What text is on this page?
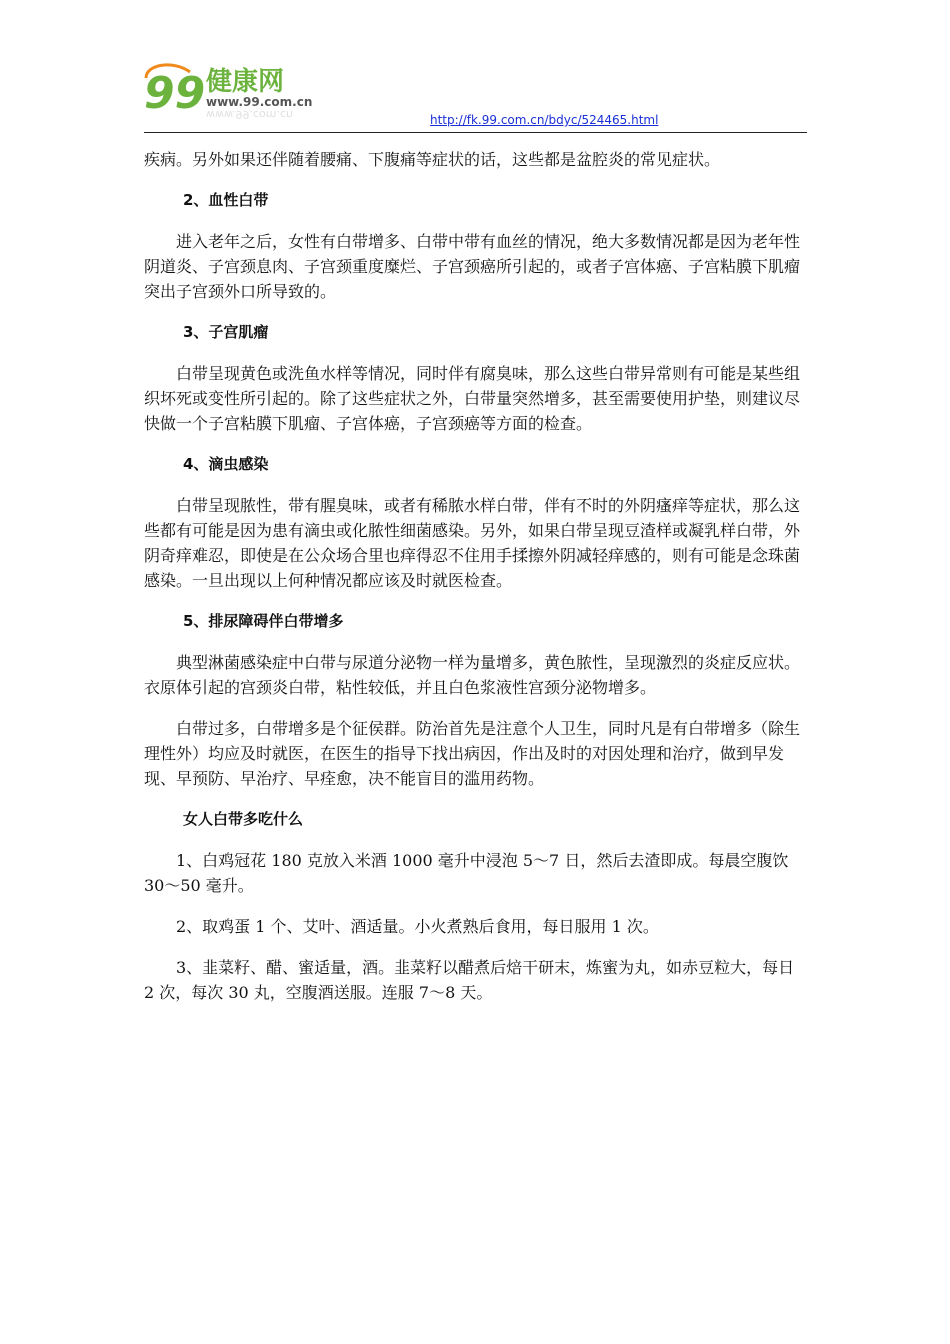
99 健康网
www.99.com.cn
www.99.com.cn	http://fk.99.com.cn/bdyc/524465.html

疾病。另外如果还伴随着腰痛、下腹痛等症状的话，这些都是盆腔炎的常见症状。

2、血性白带

进入老年之后，女性有白带增多、白带中带有血丝的情况，绝大多数情况都是因为老年性阴道炎、子宫颈息肉、子宫颈重度糜烂、子宫颈癌所引起的，或者子宫体癌、子宫粘膜下肌瘤突出子宫颈外口所导致的。

3、子宫肌瘤

白带呈现黄色或洗鱼水样等情况，同时伴有腐臭味，那么这些白带异常则有可能是某些组织坏死或变性所引起的。除了这些症状之外，白带量突然增多，甚至需要使用护垫，则建议尽快做一个子宫粘膜下肌瘤、子宫体癌，子宫颈癌等方面的检查。

4、滴虫感染

白带呈现脓性，带有腥臭味，或者有稀脓水样白带，伴有不时的外阴瘙痒等症状，那么这些都有可能是因为患有滴虫或化脓性细菌感染。另外，如果白带呈现豆渣样或凝乳样白带，外阴奇痒难忍，即使是在公众场合里也痒得忍不住用手揉擦外阴减轻痒感的，则有可能是念珠菌感染。一旦出现以上何种情况都应该及时就医检查。

5、排尿障碍伴白带增多

典型淋菌感染症中白带与尿道分泌物一样为量增多，黄色脓性，呈现激烈的炎症反应状。衣原体引起的宫颈炎白带，粘性较低，并且白色浆液性宫颈分泌物增多。

白带过多，白带增多是个征侯群。防治首先是注意个人卫生，同时凡是有白带增多（除生理性外）均应及时就医，在医生的指导下找出病因，作出及时的对因处理和治疗，做到早发现、早预防、早治疗、早痊愈，决不能盲目的滥用药物。

女人白带多吃什么

1、白鸡冠花 180 克放入米酒 1000 毫升中浸泡 5～7 日，然后去渣即成。每晨空腹饮 30～50 毫升。

2、取鸡蛋 1 个、艾叶、酒适量。小火煮熟后食用，每日服用 1 次。

3、韭菜籽、醋、蜜适量，酒。韭菜籽以醋煮后焙干研末，炼蜜为丸，如赤豆粒大，每日 2 次，每次 30 丸，空腹酒送服。连服 7～8 天。
